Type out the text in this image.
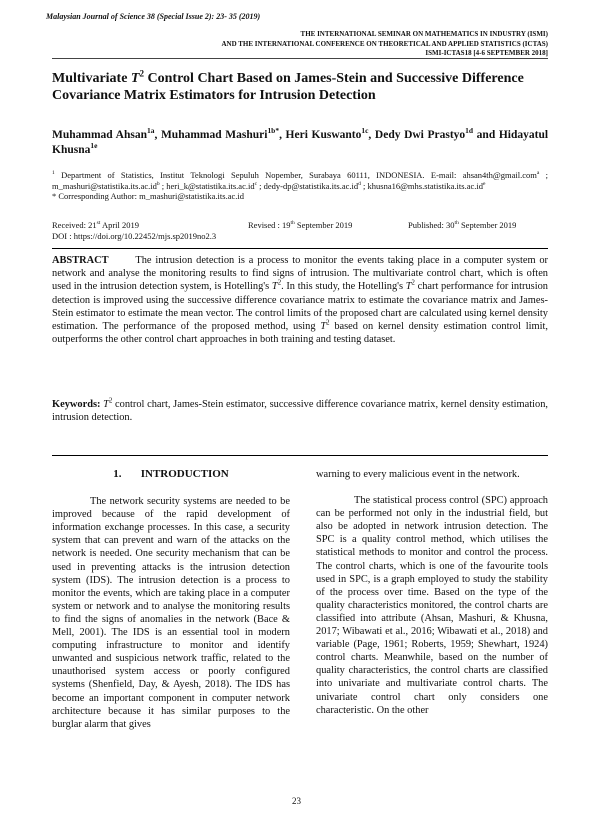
Malaysian Journal of Science 38 (Special Issue 2): 23- 35 (2019)
THE INTERNATIONAL SEMINAR ON MATHEMATICS IN INDUSTRY (ISMI)
AND THE INTERNATIONAL CONFERENCE ON THEORETICAL AND APPLIED STATISTICS (ICTAS)
ISMI-ICTAS18 [4-6 SEPTEMBER 2018]
Multivariate $T^2$ Control Chart Based on James-Stein and Successive Difference Covariance Matrix Estimators for Intrusion Detection
Muhammad Ahsan$^{1a}$, Muhammad Mashuri$^{1b*}$, Heri Kuswanto$^{1c}$, Dedy Dwi Prastyo$^{1d}$ and Hidayatul Khusna$^{1e}$
$^1$ Department of Statistics, Institut Teknologi Sepuluh Nopember, Surabaya 60111, INDONESIA. E-mail: ahsan4th@gmail.com$^a$ ; $m\_mashuri@statistika.its.ac.id^b$ ; $heri\_k@statistika.its.ac.id^c$ ; dedy-$dp@statistika.its.ac.id^d$ ; $khusna16@mhs.statistika.its.ac.id^e$
* Corresponding Author: m_mashuri@statistika.its.ac.id
Received: 21st April 2019	Revised : 19th September 2019	Published: 30th September 2019
DOI : https://doi.org/10.22452/mjs.sp2019no2.3
ABSTRACT	The intrusion detection is a process to monitor the events taking place in a computer system or network and analyse the monitoring results to find signs of intrusion. The multivariate control chart, which is often used in the intrusion detection system, is Hotelling's $T^2$. In this study, the Hotelling's $T^2$ chart performance for intrusion detection is improved using the successive difference covariance matrix to estimate the covariance matrix and James-Stein estimator to estimate the mean vector. The control limits of the proposed chart are calculated using kernel density estimation. The performance of the proposed method, using $T^2$ based on kernel density estimation control limit, outperforms the other control chart approaches in both training and testing dataset.
Keywords: $T^2$ control chart, James-Stein estimator, successive difference covariance matrix, kernel density estimation, intrusion detection.

1. INTRODUCTION

The network security systems are needed to be improved because of the rapid development of information exchange processes. In this case, a security system that can prevent and warn of the attacks on the network is needed. One security mechanism that can be used in preventing attacks is the intrusion detection system (IDS). The intrusion detection is a process to monitor the events, which are taking place in a computer system or network and to analyse the monitoring results to find the signs of anomalies in the network (Bace & Mell, 2001). The IDS is an essential tool in modern computing infrastructure to monitor and identify unwanted and suspicious network traffic, related to the unauthorised system access or poorly configured systems (Shenfield, Day, & Ayesh, 2018). The IDS has become an important component in computer network architecture because it has similar purposes to the burglar alarm that gives

warning to every malicious event in the network.

The statistical process control (SPC) approach can be performed not only in the industrial field, but also be adopted in network intrusion detection. The SPC is a quality control method, which utilises the statistical methods to monitor and control the process. The control charts, which is one of the favourite tools used in SPC, is a graph employed to study the stability of the process over time. Based on the type of the quality characteristics monitored, the control charts are classified into attribute (Ahsan, Mashuri, & Khusna, 2017; Wibawati et al., 2016; Wibawati et al., 2018) and variable (Page, 1961; Roberts, 1959; Shewhart, 1924) control charts. Meanwhile, based on the number of quality characteristics, the control charts are classified into univariate and multivariate control charts. The univariate control chart only considers one characteristic. On the other

23
